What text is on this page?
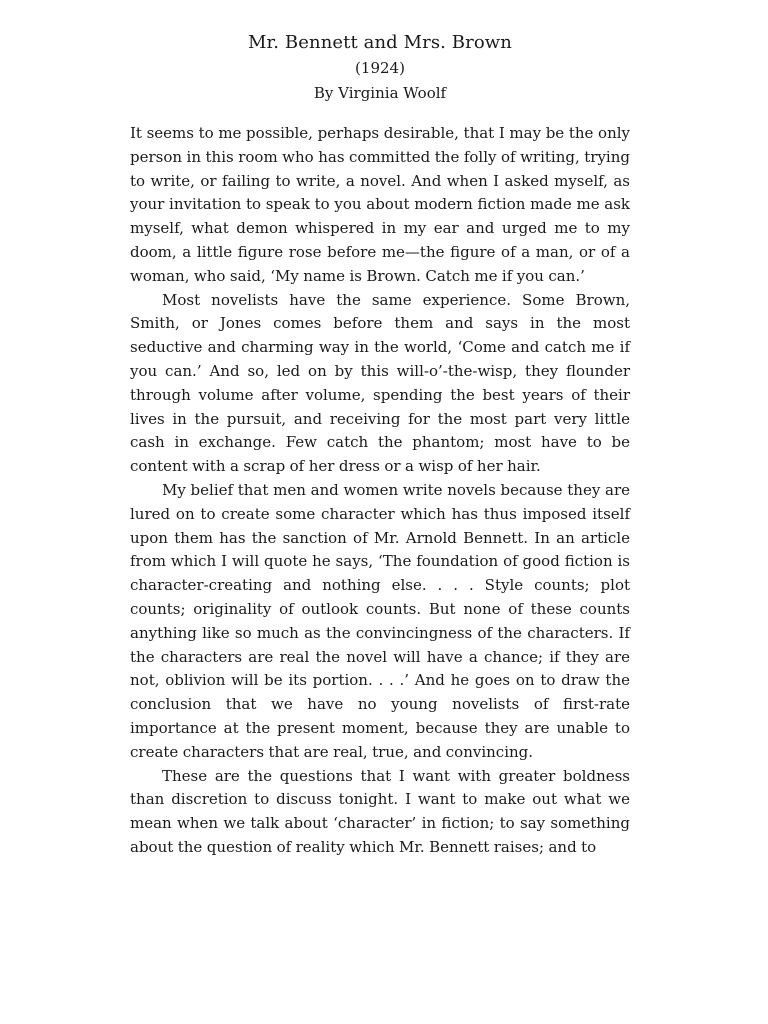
Mr. Bennett and Mrs. Brown
(1924)
By Virginia Woolf

It seems to me possible, perhaps desirable, that I may be the only person in this room who has committed the folly of writing, trying to write, or failing to write, a novel. And when I asked myself, as your invitation to speak to you about modern fiction made me ask myself, what demon whispered in my ear and urged me to my doom, a little figure rose before me—the figure of a man, or of a woman, who said, ‘My name is Brown. Catch me if you can.’

Most novelists have the same experience. Some Brown, Smith, or Jones comes before them and says in the most seductive and charming way in the world, ‘Come and catch me if you can.’ And so, led on by this will-o’-the-wisp, they flounder through volume after volume, spending the best years of their lives in the pursuit, and receiving for the most part very little cash in exchange. Few catch the phantom; most have to be content with a scrap of her dress or a wisp of her hair.

My belief that men and women write novels because they are lured on to create some character which has thus imposed itself upon them has the sanction of Mr. Arnold Bennett. In an article from which I will quote he says, ‘The foundation of good fiction is character-creating and nothing else. . . . Style counts; plot counts; originality of outlook counts. But none of these counts anything like so much as the convincingness of the characters. If the characters are real the novel will have a chance; if they are not, oblivion will be its portion. . . .’ And he goes on to draw the conclusion that we have no young novelists of first-rate importance at the present moment, because they are unable to create characters that are real, true, and convincing.

These are the questions that I want with greater boldness than discretion to discuss tonight. I want to make out what we mean when we talk about ‘character’ in fiction; to say something about the question of reality which Mr. Bennett raises; and to
